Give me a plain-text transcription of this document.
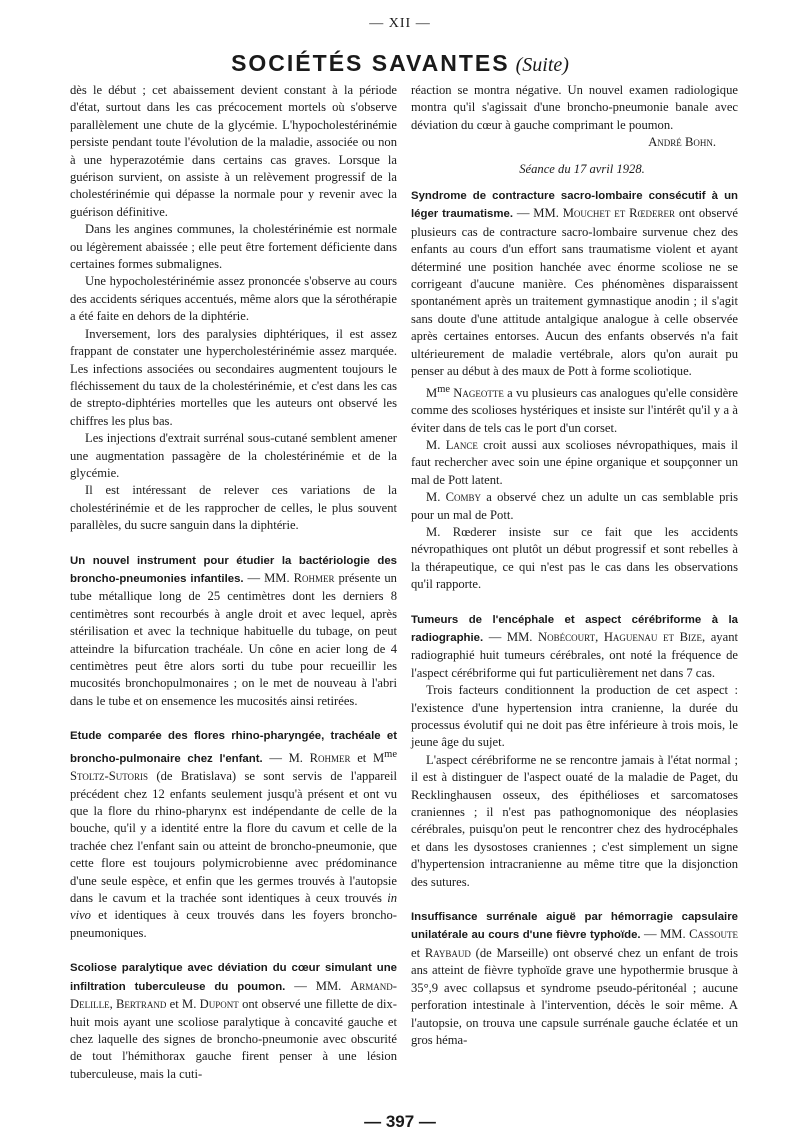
— XII —
SOCIÉTÉS SAVANTES (Suite)

dès le début ; cet abaissement devient constant à la période d'état, surtout dans les cas précocement mortels où s'observe parallèlement une chute de la glycémie. L'hypocholestérinémie persiste pendant toute l'évolution de la maladie, associée ou non à une hyperazotémie dans certains cas graves. Lorsque la guérison survient, on assiste à un relèvement progressif de la cholestérinémie qui dépasse la normale pour y revenir avec la guérison définitive.

Dans les angines communes, la cholestérinémie est normale ou légèrement abaissée ; elle peut être fortement déficiente dans certaines formes submalignes.

Une hypocholestérinémie assez prononcée s'observe au cours des accidents sériques accentués, même alors que la sérothérapie a été faite en dehors de la diphtérie.

Inversement, lors des paralysies diphtériques, il est assez frappant de constater une hypercholestérinémie assez marquée. Les infections associées ou secondaires augmentent toujours le fléchissement du taux de la cholestérinémie, et c'est dans les cas de strepto-diphtéries mortelles que les auteurs ont observé les chiffres les plus bas.

Les injections d'extrait surrénal sous-cutané semblent amener une augmentation passagère de la cholestérinémie et de la glycémie.

Il est intéressant de relever ces variations de la cholestérinémie et de les rapprocher de celles, le plus souvent parallèles, du sucre sanguin dans la diphtérie.

Un nouvel instrument pour étudier la bactériologie des broncho-pneumonies infantiles. — MM. Rohmer présente un tube métallique long de 25 centimètres dont les derniers 8 centimètres sont recourbés à angle droit et avec lequel, après stérilisation et avec la technique habituelle du tubage, on peut atteindre la bifurcation trachéale. Un cône en acier long de 4 centimètres peut être alors sorti du tube pour recueillir les mucosités bronchopulmonaires ; on le met de nouveau à l'abri dans le tube et on ensemence les mucosités ainsi retirées.

Etude comparée des flores rhino-pharyngée, trachéale et broncho-pulmonaire chez l'enfant. — M. Rohmer et $M^{me}$ Stoltz-Sutoris (de Bratislava) se sont servis de l'appareil précédent chez 12 enfants seulement jusqu'à présent et ont vu que la flore du rhino-pharynx est indépendante de celle de la bouche, qu'il y a identité entre la flore du cavum et celle de la trachée chez l'enfant sain ou atteint de broncho-pneumonie, que cette flore est toujours polymicrobienne avec prédominance d'une seule espèce, et enfin que les germes trouvés à l'autopsie dans le cavum et la trachée sont identiques à ceux trouvés in vivo et identiques à ceux trouvés dans les foyers broncho-pneumoniques.

Scoliose paralytique avec déviation du cœur simulant une infiltration tuberculeuse du poumon. — MM. Armand-Delille, Bertrand et M. Dupont ont observé une fillette de dix-huit mois ayant une scoliose paralytique à concavité gauche et chez laquelle des signes de broncho-pneumonie avec obscurité de tout l'hémithorax gauche firent penser à une lésion tuberculeuse, mais la cuti-

réaction se montra négative. Un nouvel examen radiologique montra qu'il s'agissait d'une broncho-pneumonie banale avec déviation du cœur à gauche comprimant le poumon.

André Bohn.

Séance du 17 avril 1928.

Syndrome de contracture sacro-lombaire consécutif à un léger traumatisme. — MM. Mouchet et Rœderer ont observé plusieurs cas de contracture sacro-lombaire survenue chez des enfants au cours d'un effort sans traumatisme violent et ayant déterminé une position hanchée avec énorme scoliose ne se corrigeant d'aucune manière. Ces phénomènes disparaissent spontanément après un traitement gymnastique anodin ; il s'agit sans doute d'une attitude antalgique analogue à celle observée après certaines entorses. Aucun des enfants observés n'a fait ultérieurement de maladie vertébrale, alors qu'on aurait pu penser au début à des maux de Pott à forme scoliotique.

$M^{me}$ Nageotte a vu plusieurs cas analogues qu'elle considère comme des scolioses hystériques et insiste sur l'intérêt qu'il y a à éviter dans de tels cas le port d'un corset.

M. Lance croit aussi aux scolioses névropathiques, mais il faut rechercher avec soin une épine organique et soupçonner un mal de Pott latent.

M. Comby a observé chez un adulte un cas semblable pris pour un mal de Pott.

M. Rœderer insiste sur ce fait que les accidents névropathiques ont plutôt un début progressif et sont rebelles à la thérapeutique, ce qui n'est pas le cas dans les observations qu'il rapporte.

Tumeurs de l'encéphale et aspect cérébriforme à la radiographie. — MM. Nobécourt, Haguenau et Bize, ayant radiographié huit tumeurs cérébrales, ont noté la fréquence de l'aspect cérébriforme qui fut particulièrement net dans 7 cas.

Trois facteurs conditionnent la production de cet aspect : l'existence d'une hypertension intra cranienne, la durée du processus évolutif qui ne doit pas être inférieure à trois mois, le jeune âge du sujet.

L'aspect cérébriforme ne se rencontre jamais à l'état normal ; il est à distinguer de l'aspect ouaté de la maladie de Paget, du Recklinghausen osseux, des épithélioses et sarcomatoses craniennes ; il n'est pas pathognomonique des néoplasies cérébrales, puisqu'on peut le rencontrer chez des hydrocéphales et dans les dysostoses craniennes ; c'est simplement un signe d'hypertension intracranienne au même titre que la disjonction des sutures.

Insuffisance surrénale aiguë par hémorragie capsulaire unilatérale au cours d'une fièvre typhoïde. — MM. Cassoute et Raybaud (de Marseille) ont observé chez un enfant de trois ans atteint de fièvre typhoïde grave une hypothermie brusque à 35°,9 avec collapsus et syndrome pseudo-péritonéal ; aucune perforation intestinale à l'intervention, décès le soir même. A l'autopsie, on trouva une capsule surrénale gauche éclatée et un gros héma-

— 397 —
